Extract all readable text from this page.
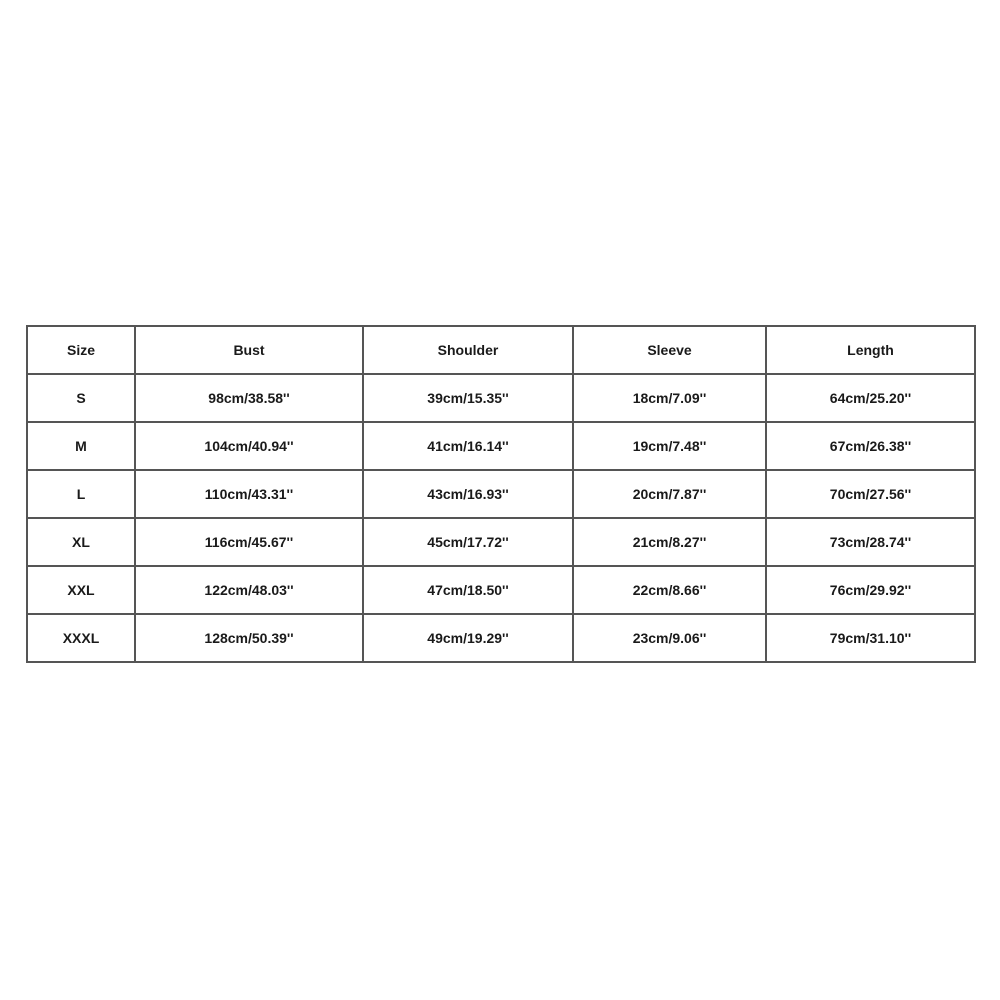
Size	Bust	Shoulder	Sleeve	Length
S	98cm/38.58''	39cm/15.35''	18cm/7.09''	64cm/25.20''
M	104cm/40.94''	41cm/16.14''	19cm/7.48''	67cm/26.38''
L	110cm/43.31''	43cm/16.93''	20cm/7.87''	70cm/27.56''
XL	116cm/45.67''	45cm/17.72''	21cm/8.27''	73cm/28.74''
XXL	122cm/48.03''	47cm/18.50''	22cm/8.66''	76cm/29.92''
XXXL	128cm/50.39''	49cm/19.29''	23cm/9.06''	79cm/31.10''
